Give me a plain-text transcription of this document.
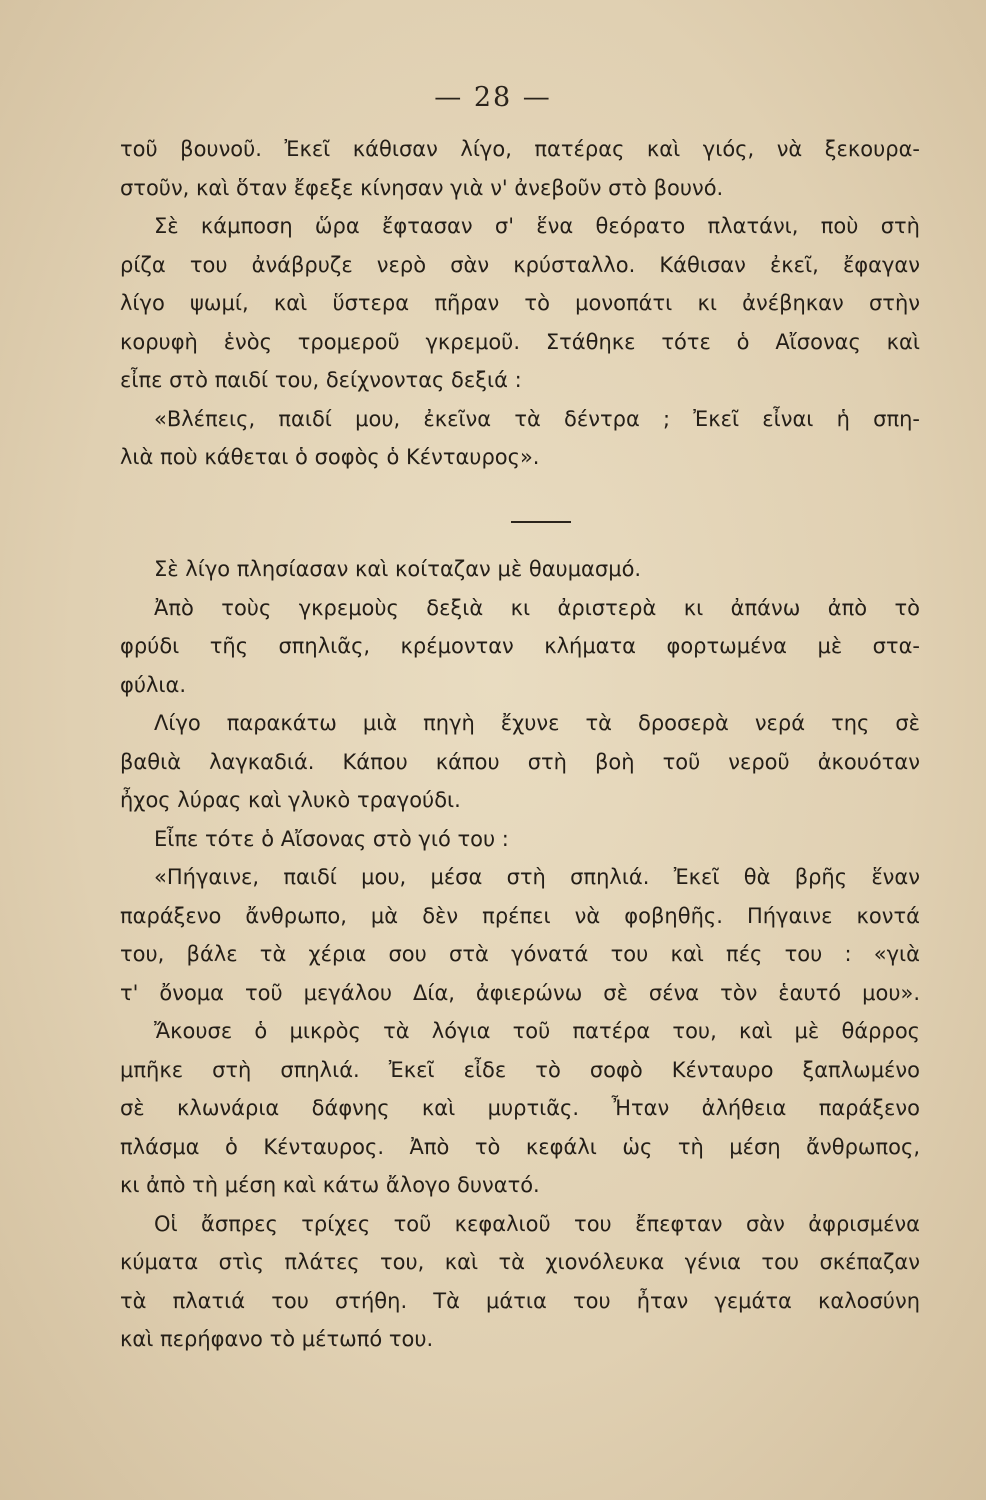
— 28 —
τοῦ βουνοῦ. Ἐκεῖ κάθισαν λίγο, πατέρας καὶ γιός, νὰ ξεκουρα-
στοῦν, καὶ ὅταν ἔφεξε κίνησαν γιὰ ν' ἀνεβοῦν στὸ βουνό.
Σὲ κάμποση ὥρα ἔφτασαν σ' ἕνα θεόρατο πλατάνι, ποὺ στὴ
ρίζα του ἀνάβρυζε νερὸ σὰν κρύσταλλο. Κάθισαν ἐκεῖ, ἔφαγαν
λίγο ψωμί, καὶ ὕστερα πῆραν τὸ μονοπάτι κι ἀνέβηκαν στὴν
κορυφὴ ἑνὸς τρομεροῦ γκρεμοῦ. Στάθηκε τότε ὁ Αἴσονας καὶ
εἶπε στὸ παιδί του, δείχνοντας δεξιά :
«Βλέπεις, παιδί μου, ἐκεῖνα τὰ δέντρα ; Ἐκεῖ εἶναι ἡ σπη-
λιὰ ποὺ κάθεται ὁ σοφὸς ὁ Κένταυρος».
Σὲ λίγο πλησίασαν καὶ κοίταζαν μὲ θαυμασμό.
Ἀπὸ τοὺς γκρεμοὺς δεξιὰ κι ἀριστερὰ κι ἀπάνω ἀπὸ τὸ
φρύδι τῆς σπηλιᾶς, κρέμονταν κλήματα φορτωμένα μὲ στα-
φύλια.
Λίγο παρακάτω μιὰ πηγὴ ἔχυνε τὰ δροσερὰ νερά της σὲ
βαθιὰ λαγκαδιά. Κάπου κάπου στὴ βοὴ τοῦ νεροῦ ἀκουόταν
ἦχος λύρας καὶ γλυκὸ τραγούδι.
Εἶπε τότε ὁ Αἴσονας στὸ γιό του :
«Πήγαινε, παιδί μου, μέσα στὴ σπηλιά. Ἐκεῖ θὰ βρῆς ἕναν
παράξενο ἄνθρωπο, μὰ δὲν πρέπει νὰ φοβηθῆς. Πήγαινε κοντά
του, βάλε τὰ χέρια σου στὰ γόνατά του καὶ πές του : «γιὰ
τ' ὄνομα τοῦ μεγάλου Δία, ἀφιερώνω σὲ σένα τὸν ἑαυτό μου».
Ἄκουσε ὁ μικρὸς τὰ λόγια τοῦ πατέρα του, καὶ μὲ θάρρος
μπῆκε στὴ σπηλιά. Ἐκεῖ εἶδε τὸ σοφὸ Κένταυρο ξαπλωμένο
σὲ κλωνάρια δάφνης καὶ μυρτιᾶς. Ἦταν ἀλήθεια παράξενο
πλάσμα ὁ Κένταυρος. Ἀπὸ τὸ κεφάλι ὡς τὴ μέση ἄνθρωπος,
κι ἀπὸ τὴ μέση καὶ κάτω ἄλογο δυνατό.
Οἱ ἄσπρες τρίχες τοῦ κεφαλιοῦ του ἔπεφταν σὰν ἀφρισμένα
κύματα στὶς πλάτες του, καὶ τὰ χιονόλευκα γένια του σκέπαζαν
τὰ πλατιά του στήθη. Τὰ μάτια του ἦταν γεμάτα καλοσύνη
καὶ περήφανο τὸ μέτωπό του.
